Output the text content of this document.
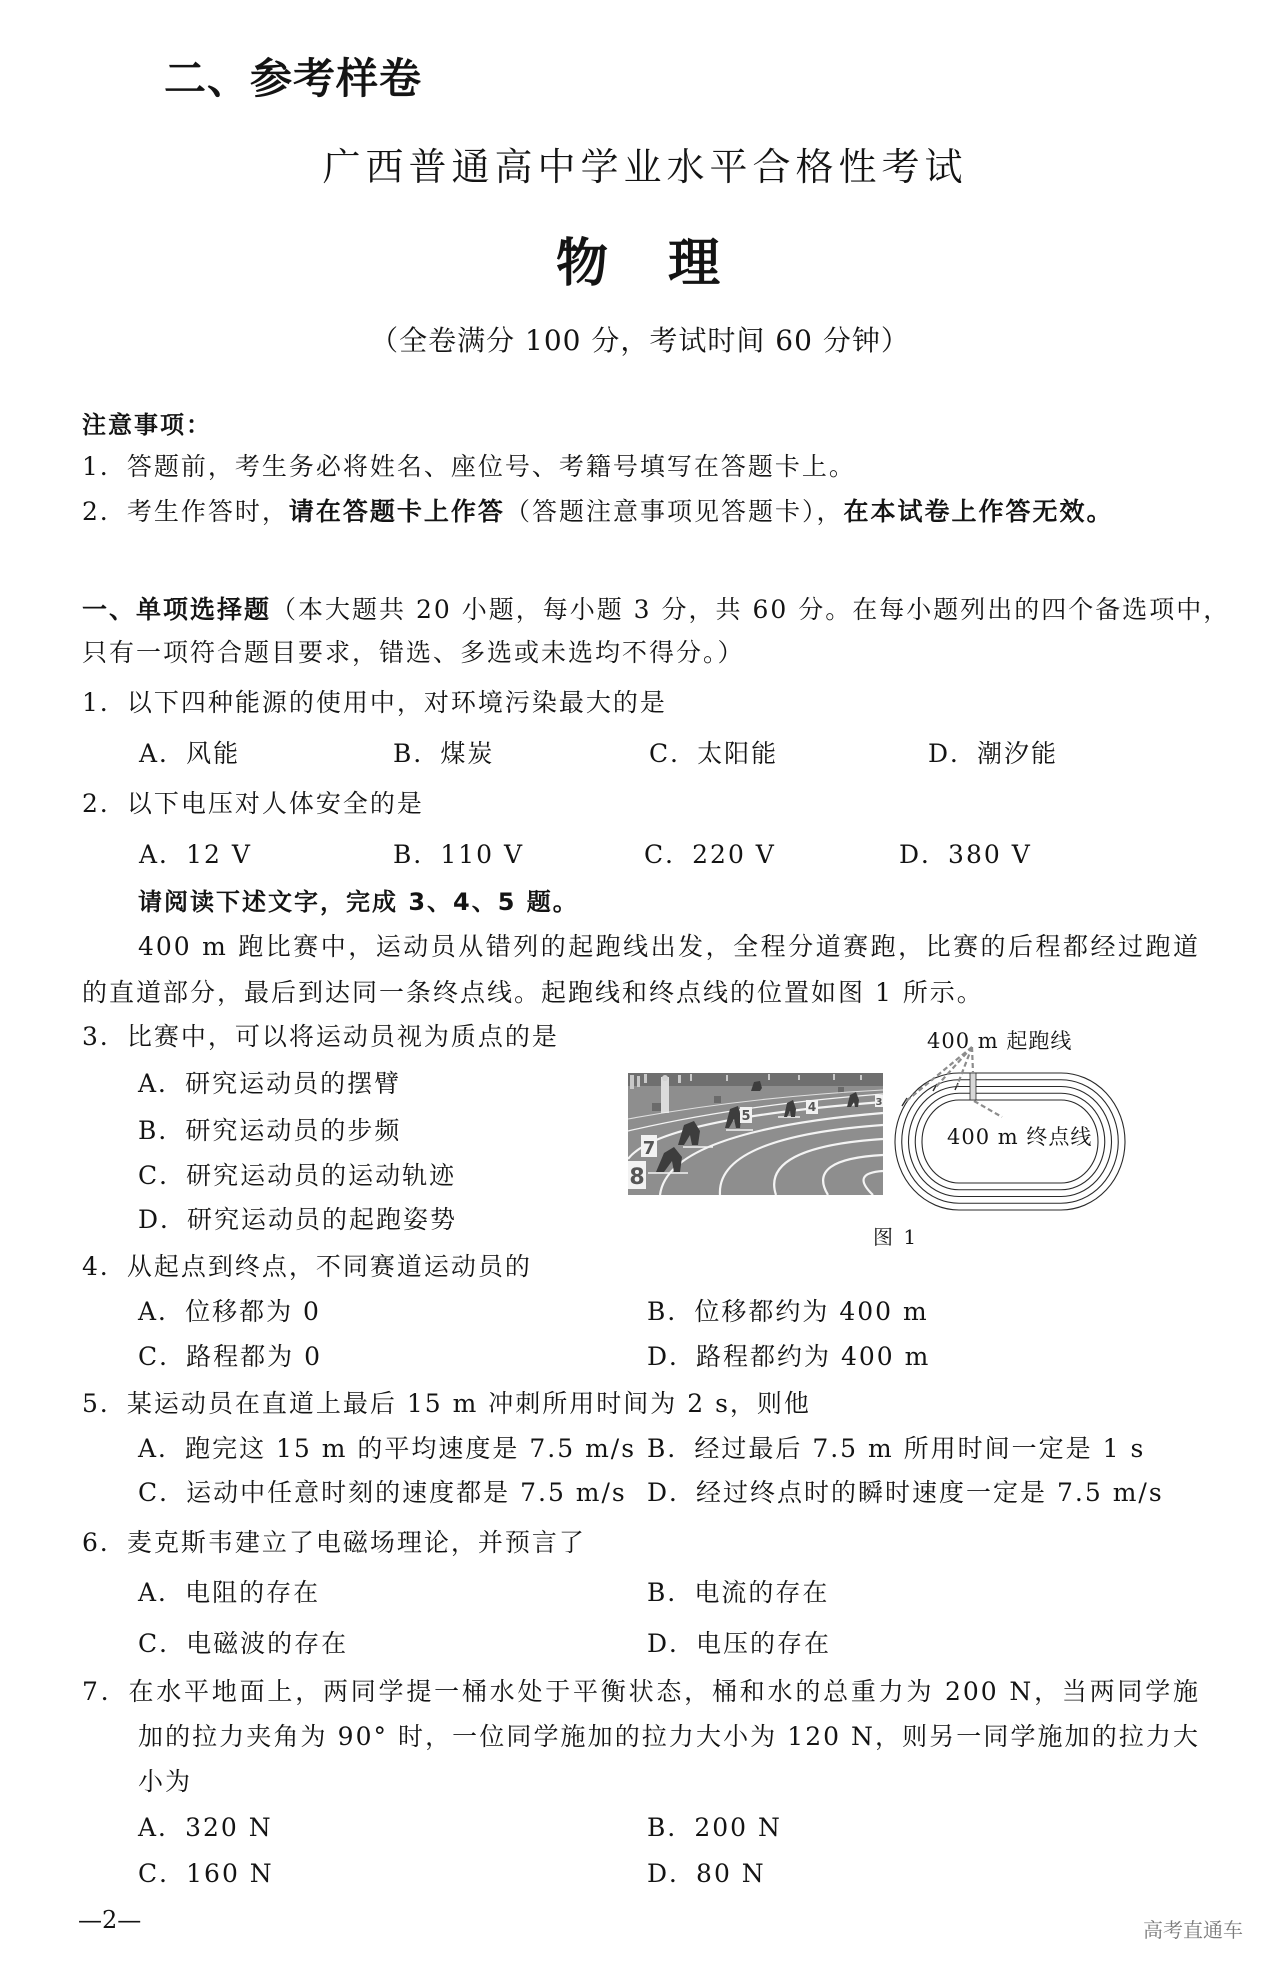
二、参考样卷
广西普通高中学业水平合格性考试
物　理
（全卷满分 100 分，考试时间 60 分钟）
注意事项：
1．答题前，考生务必将姓名、座位号、考籍号填写在答题卡上。
2．考生作答时，请在答题卡上作答（答题注意事项见答题卡），在本试卷上作答无效。
一、单项选择题（本大题共 20 小题，每小题 3 分，共 60 分。在每小题列出的四个备选项中，
只有一项符合题目要求，错选、多选或未选均不得分。）
1．以下四种能源的使用中，对环境污染最大的是
A．风能	B．煤炭	C．太阳能	D．潮汐能
2．以下电压对人体安全的是
A．12 V	B．110 V	C．220 V	D．380 V
请阅读下述文字，完成 3、4、5 题。
400 m 跑比赛中，运动员从错列的起跑线出发，全程分道赛跑，比赛的后程都经过跑道
的直道部分，最后到达同一条终点线。起跑线和终点线的位置如图 1 所示。
3．比赛中，可以将运动员视为质点的是
A．研究运动员的摆臂
B．研究运动员的步频
C．研究运动员的运动轨迹
D．研究运动员的起跑姿势
8
7
5
4	3
400 m 起跑线
400 m 终点线
图 1
4．从起点到终点，不同赛道运动员的
A．位移都为 0	B．位移都约为 400 m
C．路程都为 0	D．路程都约为 400 m
5．某运动员在直道上最后 15 m 冲刺所用时间为 2 s，则他
A．跑完这 15 m 的平均速度是 7.5 m/s B．经过最后 7.5 m 所用时间一定是 1 s
C．运动中任意时刻的速度都是 7.5 m/s D．经过终点时的瞬时速度一定是 7.5 m/s
6．麦克斯韦建立了电磁场理论，并预言了
A．电阻的存在	B．电流的存在
C．电磁波的存在	D．电压的存在
7．在水平地面上，两同学提一桶水处于平衡状态，桶和水的总重力为 200 N，当两同学施
加的拉力夹角为 90° 时，一位同学施加的拉力大小为 120 N，则另一同学施加的拉力大
小为
A．320 N	B．200 N
C．160 N	D．80 N
—2—	高考直通车
